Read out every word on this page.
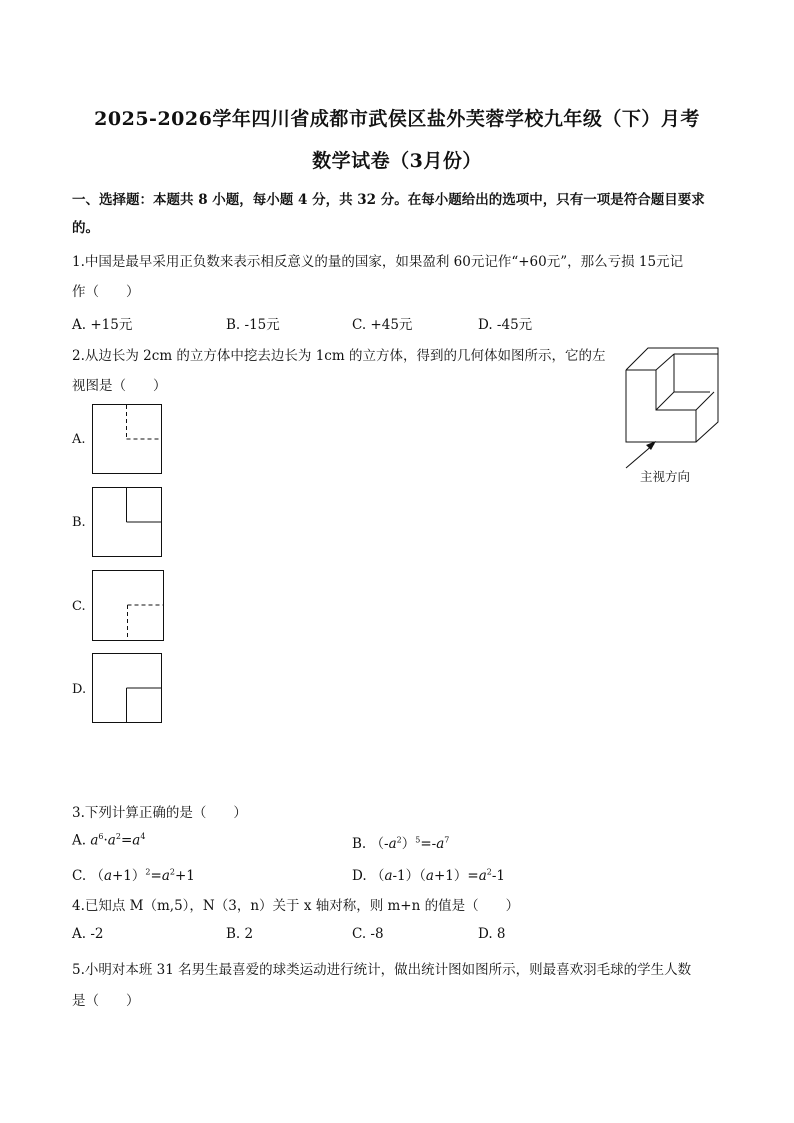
2025-2026学年四川省成都市武侯区盐外芙蓉学校九年级（下）月考
数学试卷（3月份）
一、选择题：本题共 8 小题，每小题 4 分，共 32 分。在每小题给出的选项中，只有一项是符合题目要求
的。
1.中国是最早采用正负数来表示相反意义的量的国家，如果盈利 60元记作“+60元”，那么亏损 15元记
作（　　）
A. +15元	B. -15元	C. +45元	D. -45元
2.从边长为 2cm 的立方体中挖去边长为 1cm 的立方体，得到的几何体如图所示，它的左
视图是（　　）
A.
B.
C.
D.
主视方向
3.下列计算正确的是（　　）
A. $a^6\cdot a^2=a^4$	B. $(-a^2)^5=-a^7$
C. $(a+1)^2=a^2+1$	D. $(a-1)(a+1)=a^2-1$
4.已知点 M（m,5），N（3，n）关于 x 轴对称，则 m+n 的值是（　　）
A. -2	B. 2	C. -8	D. 8
5.小明对本班 31 名男生最喜爱的球类运动进行统计，做出统计图如图所示，则最喜欢羽毛球的学生人数
是（　　）
